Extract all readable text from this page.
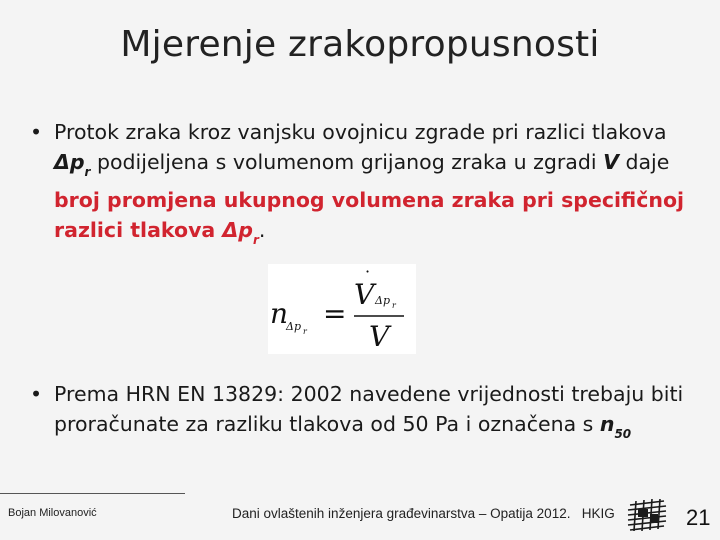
Mjerenje zrakopropusnosti
• Protok zraka kroz vanjsku ovojnicu zgrade pri razlici tlakova $\Delta p_r$ podijeljena s volumenom grijanog zraka u zgradi V daje broj promjena ukupnog volumena zraka pri specifičnoj razlici tlakova $\Delta p_r$.
n
Δp r
=
V
·
Δp r
V
• Prema HRN EN 13829: 2002 navedene vrijednosti trebaju biti proračunate za razliku tlakova od 50 Pa i označena s $n_{50}$
Bojan Milovanović	Dani ovlaštenih inženjera građevinarstva – Opatija 2012. HKIG	21
